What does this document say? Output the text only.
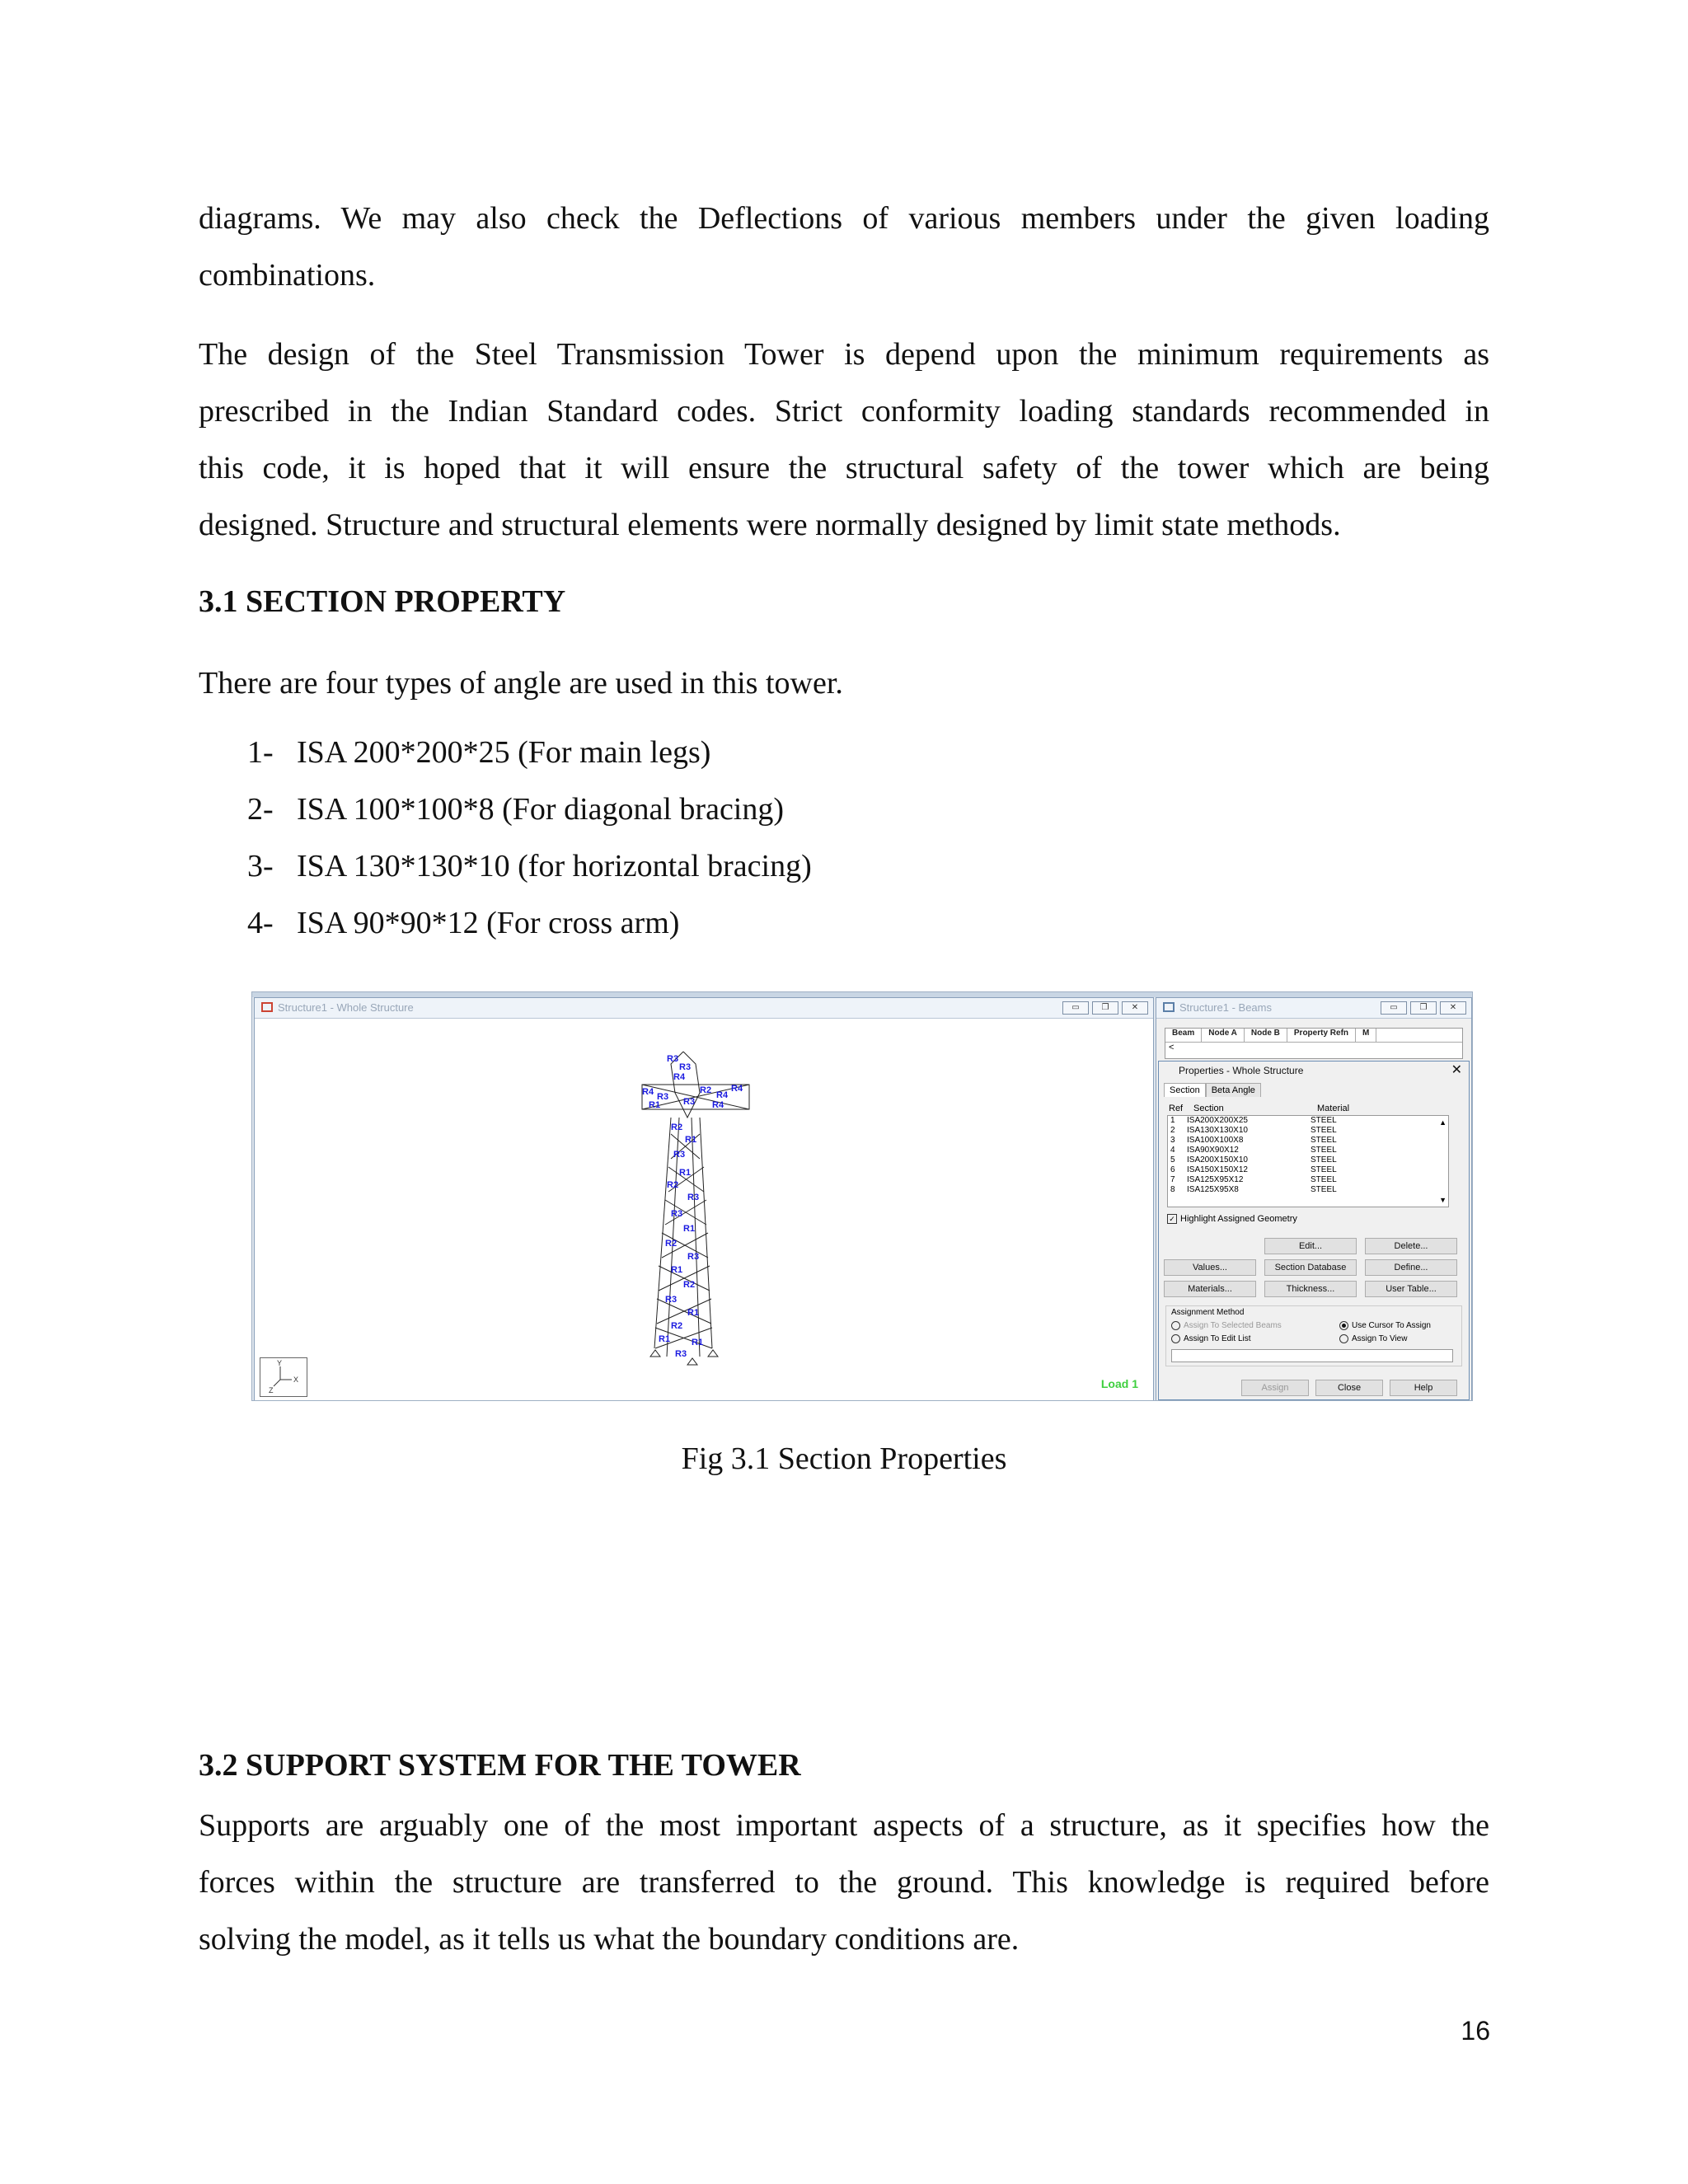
diagrams. We may also check the Deflections of various members under the given loading
combinations.
The design of the Steel Transmission Tower is depend upon the minimum requirements as
prescribed in the Indian Standard codes. Strict conformity loading standards recommended in
this code, it is hoped that it will ensure the structural safety of the tower which are being
designed. Structure and structural elements were normally designed by limit state methods.
3.1 SECTION PROPERTY
There are four types of angle are used in this tower.
1- ISA 200*200*25 (For main legs)
2- ISA 100*100*8 (For diagonal bracing)
3- ISA 130*130*10 (for horizontal bracing)
4- ISA 90*90*12 (For cross arm)
Structure1 - Whole Structure	▭	❐	✕
R3
R3
R4
R4 R3
R2 R4
R4
R1	R3 R4
R2
R1
R3
R1
R2
R3
R3
R1
R2
R3
R1
R2
R3
R1
R2
R1 R1
R3
Y
X
Z	Load 1
Structure1 - Beams	▭	❐	✕
Beam	Node A	Node B	Property Refn	M
<
Properties - Whole Structure	✕
Section	Beta Angle
Ref	Section	Material
1	ISA200X200X25	STEEL
2	ISA130X130X10	STEEL
3	ISA100X100X8	STEEL
4	ISA90X90X12	STEEL
5	ISA200X150X10	STEEL
6	ISA150X150X12	STEEL
7	ISA125X95X12	STEEL
8	ISA125X95X8	STEEL
▲
▼
✓ Highlight Assigned Geometry
Edit...	Delete...
Values...	Section Database	Define...
Materials...	Thickness...	User Table...
Assignment Method
Assign To Selected Beams	Use Cursor To Assign
Assign To Edit List	Assign To View
Assign	Close	Help
Fig 3.1 Section Properties
3.2 SUPPORT SYSTEM FOR THE TOWER
Supports are arguably one of the most important aspects of a structure, as it specifies how the
forces within the structure are transferred to the ground. This knowledge is required before
solving the model, as it tells us what the boundary conditions are.
16
